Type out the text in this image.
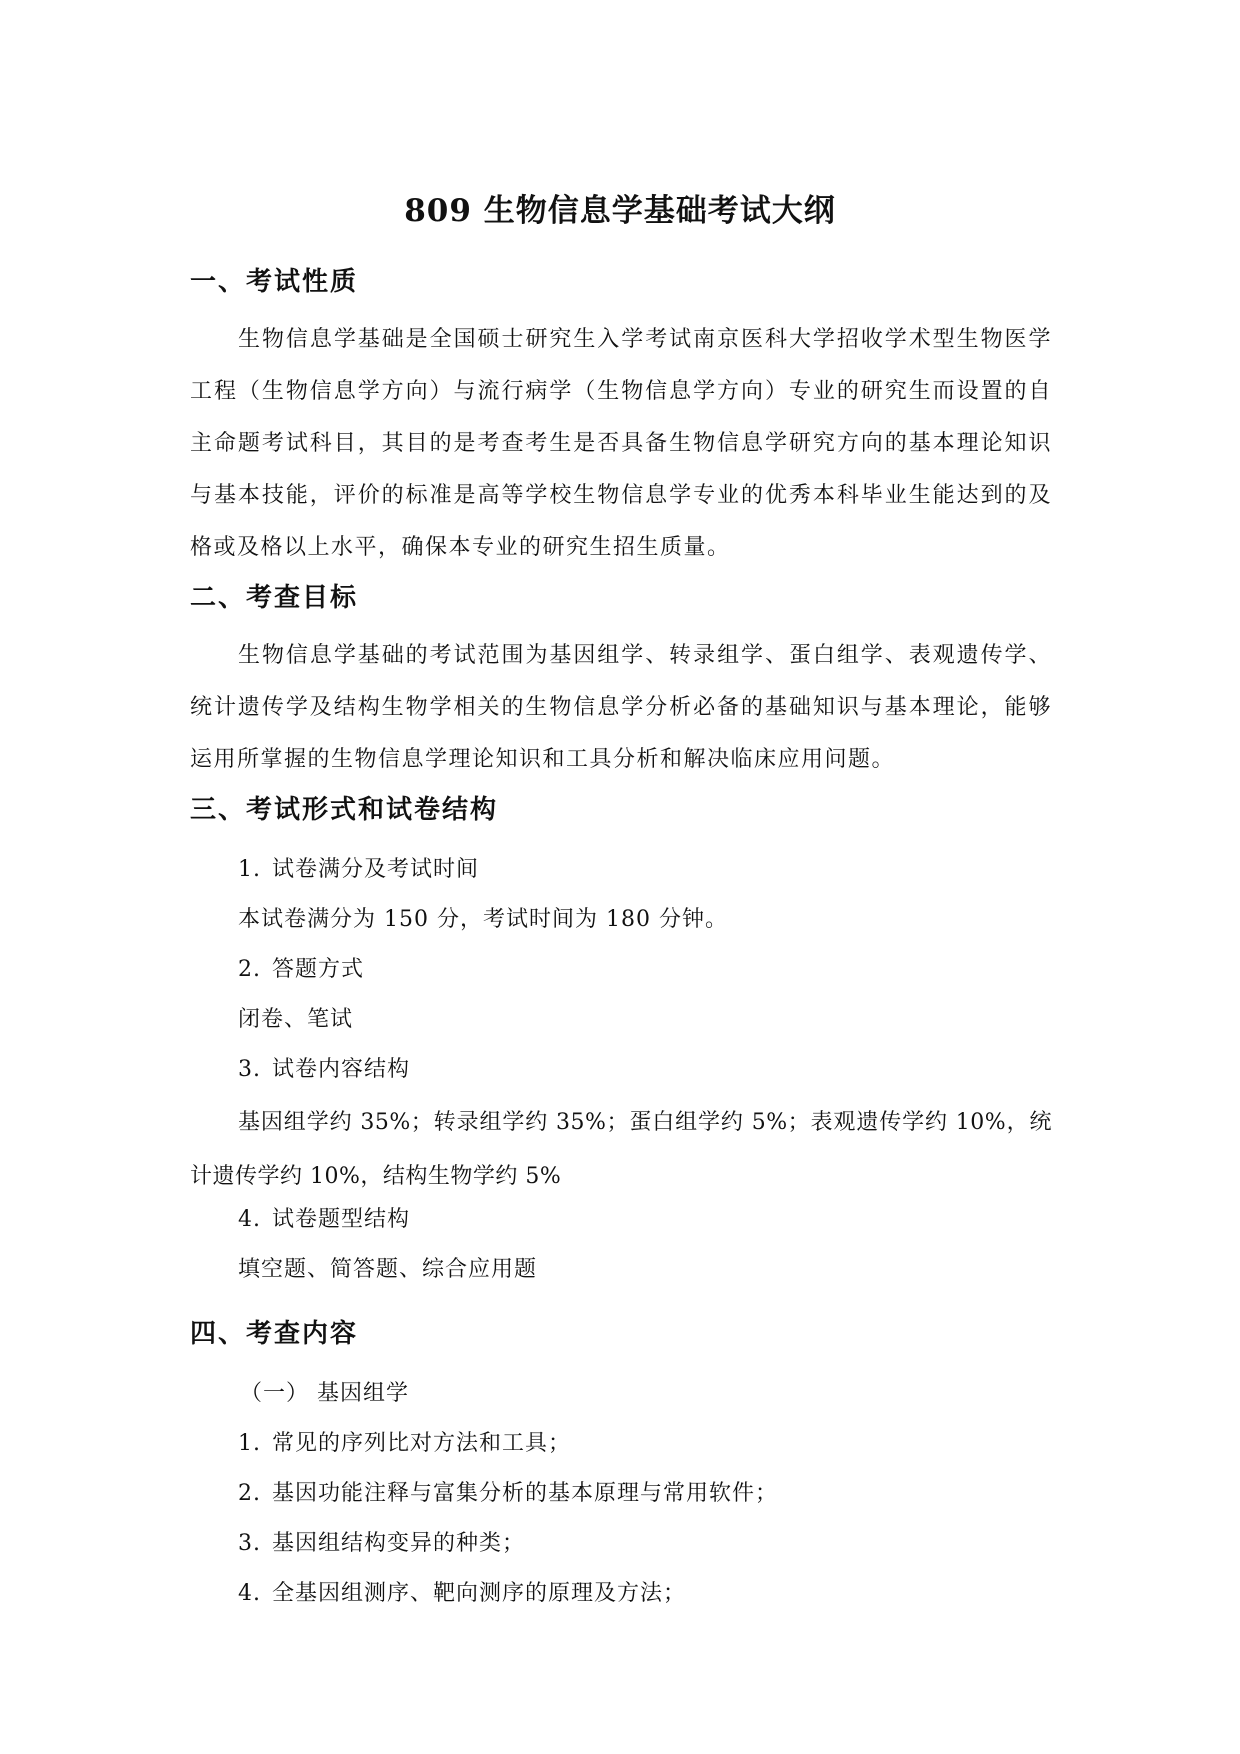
809 生物信息学基础考试大纲
一、考试性质
生物信息学基础是全国硕士研究生入学考试南京医科大学招收学术型生物医学工程（生物信息学方向）与流行病学（生物信息学方向）专业的研究生而设置的自主命题考试科目，其目的是考查考生是否具备生物信息学研究方向的基本理论知识与基本技能，评价的标准是高等学校生物信息学专业的优秀本科毕业生能达到的及格或及格以上水平，确保本专业的研究生招生质量。
二、考查目标
生物信息学基础的考试范围为基因组学、转录组学、蛋白组学、表观遗传学、统计遗传学及结构生物学相关的生物信息学分析必备的基础知识与基本理论，能够运用所掌握的生物信息学理论知识和工具分析和解决临床应用问题。
三、考试形式和试卷结构
1. 试卷满分及考试时间
本试卷满分为 150 分，考试时间为 180 分钟。
2. 答题方式
闭卷、笔试
3. 试卷内容结构
基因组学约 35%；转录组学约 35%；蛋白组学约 5%；表观遗传学约 10%，统计遗传学约 10%，结构生物学约 5%
4. 试卷题型结构
填空题、简答题、综合应用题
四、考查内容
（一） 基因组学
1. 常见的序列比对方法和工具；
2. 基因功能注释与富集分析的基本原理与常用软件；
3. 基因组结构变异的种类；
4. 全基因组测序、靶向测序的原理及方法；
